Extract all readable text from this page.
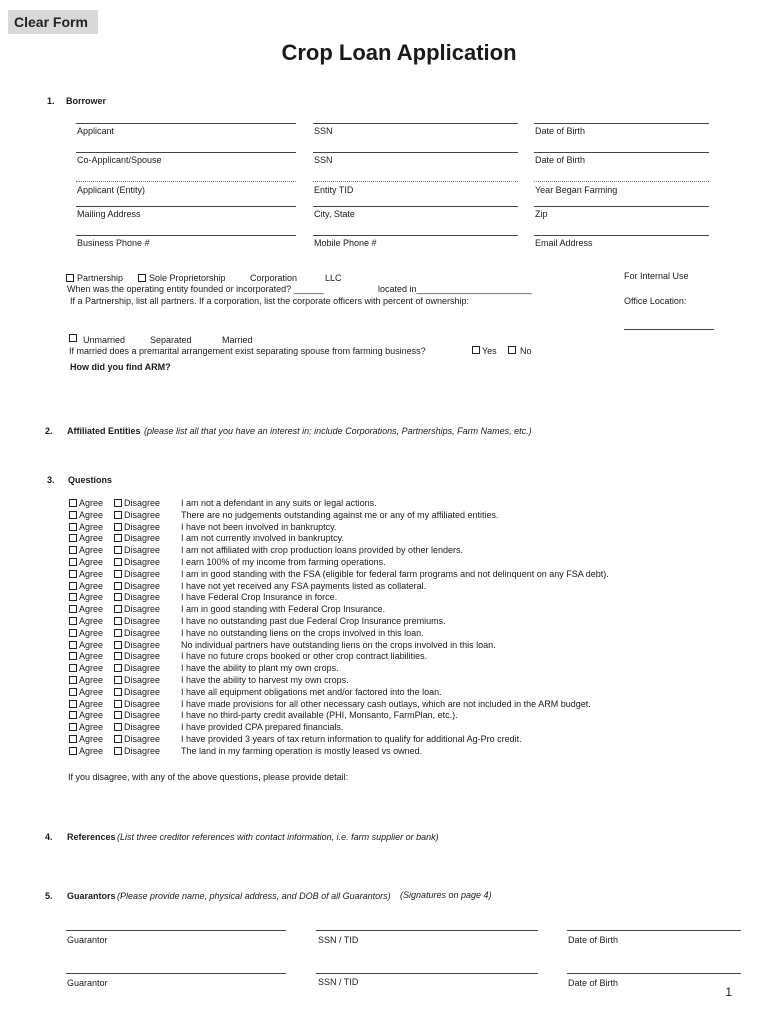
Clear Form
Crop Loan Application
1. Borrower
Applicant	SSN	Date of Birth
Co-Applicant/Spouse	SSN	Date of Birth
Applicant (Entity)	Entity TID	Year Began Farming
Mailing Address	City, State	Zip
Business Phone #	Mobile Phone #	Email Address
Partnership	Sole Proprietorship	Corporation	LLC
When was the operating entity founded or incorporated? ______	located in_______________________
If a Partnership, list all partners. If a corporation, list the corporate officers with percent of ownership:
For Internal Use
Office Location:
Unmarried	Separated	Married
If married does a premarital arrangement exist separating spouse from farming business?	Yes	No
How did you find ARM?
2. Affiliated Entities (please list all that you have an interest in; include Corporations, Partnerships, Farm Names, etc.)
3. Questions
Agree Disagree I am not a defendant in any suits or legal actions.
Agree Disagree There are no judgements outstanding against me or any of my affiliated entities.
Agree Disagree I have not been involved in bankruptcy.
Agree Disagree I am not currently involved in bankruptcy.
Agree Disagree I am not affiliated with crop production loans provided by other lenders.
Agree Disagree I earn 100% of my income from farming operations.
Agree Disagree I am in good standing with the FSA (eligible for federal farm programs and not delinquent on any FSA debt).
Agree Disagree I have not yet received any FSA payments listed as collateral.
Agree Disagree I have Federal Crop Insurance in force.
Agree Disagree I am in good standing with Federal Crop Insurance.
Agree Disagree I have no outstanding past due Federal Crop Insurance premiums.
Agree Disagree I have no outstanding liens on the crops involved in this loan.
Agree Disagree No individual partners have outstanding liens on the crops involved in this loan.
Agree Disagree I have no future crops booked or other crop contract liabilities.
Agree Disagree I have the ability to plant my own crops.
Agree Disagree I have the ability to harvest my own crops.
Agree Disagree I have all equipment obligations met and/or factored into the loan.
Agree Disagree I have made provisions for all other necessary cash outlays, which are not included in the ARM budget.
Agree Disagree I have no third-party credit available (PHI, Monsanto, FarmPlan, etc.).
Agree Disagree I have provided CPA prepared financials.
Agree Disagree I have provided 3 years of tax return information to qualify for additional Ag-Pro credit.
Agree Disagree The land in my farming operation is mostly leased vs owned.
If you disagree, with any of the above questions, please provide detail:
4. References (List three creditor references with contact information, i.e. farm supplier or bank)
5. Guarantors (Please provide name, physical address, and DOB of all Guarantors) (Signatures on page 4)
Guarantor	SSN / TID	Date of Birth
Guarantor	SSN / TID	Date of Birth
1
